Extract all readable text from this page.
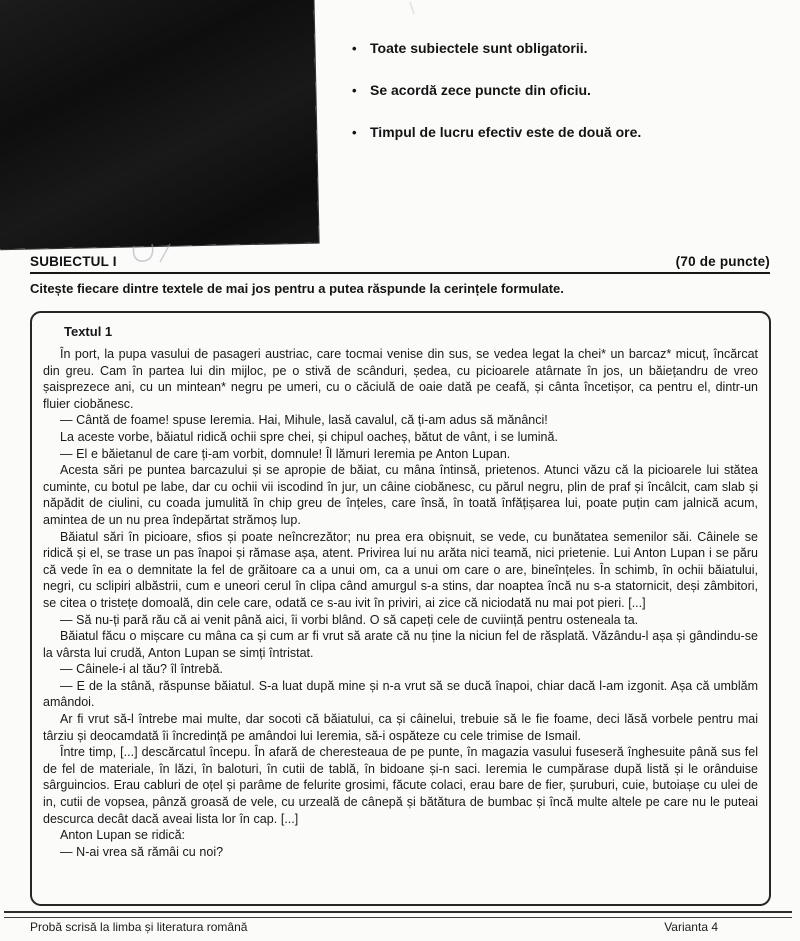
• Toate subiectele sunt obligatorii.
• Se acordă zece puncte din oficiu.
• Timpul de lucru efectiv este de două ore.
SUBIECTUL I	(70 de puncte)

Citește fiecare dintre textele de mai jos pentru a putea răspunde la cerințele formulate.

Textul 1

În port, la pupa vasului de pasageri austriac, care tocmai venise din sus, se vedea legat la chei* un barcaz* micuț, încărcat din greu. Cam în partea lui din mijloc, pe o stivă de scânduri, ședea, cu picioarele atârnate în jos, un băiețandru de vreo șaisprezece ani, cu un mintean* negru pe umeri, cu o căciulă de oaie dată pe ceafă, și cânta încetișor, ca pentru el, dintr-un fluier ciobănesc.

— Cântă de foame! spuse Ieremia. Hai, Mihule, lasă cavalul, că ți-am adus să mănânci!

La aceste vorbe, băiatul ridică ochii spre chei, și chipul oacheș, bătut de vânt, i se lumină.

— El e băietanul de care ți-am vorbit, domnule! Îl lămuri Ieremia pe Anton Lupan.

Acesta sări pe puntea barcazului și se apropie de băiat, cu mâna întinsă, prietenos. Atunci văzu că la picioarele lui stătea cuminte, cu botul pe labe, dar cu ochii vii iscodind în jur, un câine ciobănesc, cu părul negru, plin de praf și încâlcit, cam slab și năpădit de ciulini, cu coada jumulită în chip greu de înțeles, care însă, în toată înfățișarea lui, poate puțin cam jalnică acum, amintea de un nu prea îndepărtat strămoș lup.

Băiatul sări în picioare, sfios și poate neîncrezător; nu prea era obișnuit, se vede, cu bunătatea semenilor săi. Câinele se ridică și el, se trase un pas înapoi și rămase așa, atent. Privirea lui nu arăta nici teamă, nici prietenie. Lui Anton Lupan i se păru că vede în ea o demnitate la fel de grăitoare ca a unui om, ca a unui om care o are, bineînțeles. În schimb, în ochii băiatului, negri, cu sclipiri albăstrii, cum e uneori cerul în clipa când amurgul s-a stins, dar noaptea încă nu s-a statornicit, deși zâmbitori, se citea o tristețe domoală, din cele care, odată ce s-au ivit în priviri, ai zice că niciodată nu mai pot pieri. [...]

— Să nu-ți pară rău că ai venit până aici, îi vorbi blând. O să capeți cele de cuviință pentru osteneala ta.

Băiatul făcu o mișcare cu mâna ca și cum ar fi vrut să arate că nu ține la niciun fel de răsplată. Văzându-l așa și gândindu-se la vârsta lui crudă, Anton Lupan se simți întristat.

— Câinele-i al tău? îl întrebă.

— E de la stână, răspunse băiatul. S-a luat după mine și n-a vrut să se ducă înapoi, chiar dacă l-am izgonit. Așa că umblăm amândoi.

Ar fi vrut să-l întrebe mai multe, dar socoti că băiatului, ca și câinelui, trebuie să le fie foame, deci lăsă vorbele pentru mai târziu și deocamdată îi încredință pe amândoi lui Ieremia, să-i ospăteze cu cele trimise de Ismail.

Între timp, [...] descărcatul începu. În afară de cheresteaua de pe punte, în magazia vasului fuseseră înghesuite până sus fel de fel de materiale, în lăzi, în baloturi, în cutii de tablă, în bidoane și-n saci. Ieremia le cumpărase după listă și le orânduise sârguincios. Erau cabluri de oțel și parâme de felurite grosimi, făcute colaci, erau bare de fier, șuruburi, cuie, butoiașe cu ulei de in, cutii de vopsea, pânză groasă de vele, cu urzeală de cânepă și bătătura de bumbac și încă multe altele pe care nu le puteai descurca decât dacă aveai lista lor în cap. [...]

Anton Lupan se ridică:

— N-ai vrea să rămâi cu noi?

Probă scrisă la limba și literatura română	Varianta 4
